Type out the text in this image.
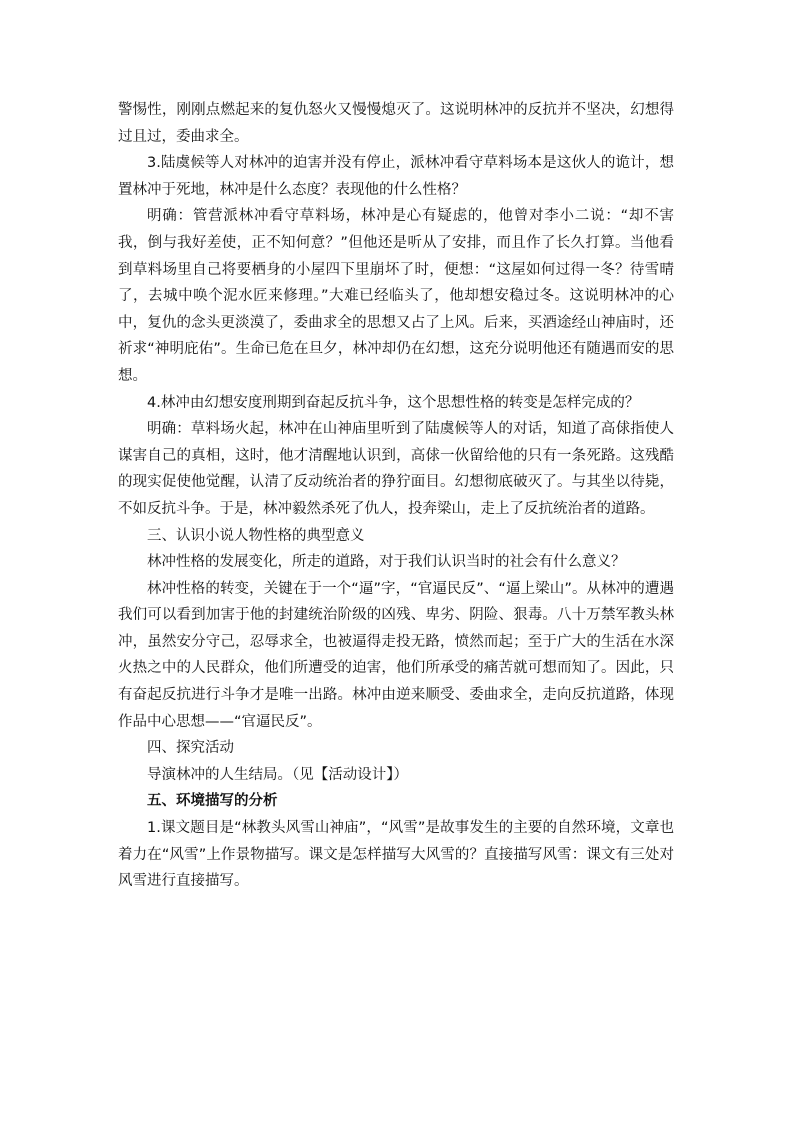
警惕性，刚刚点燃起来的复仇怒火又慢慢熄灭了。这说明林冲的反抗并不坚决，幻想得过且过，委曲求全。

3.陆虞候等人对林冲的迫害并没有停止，派林冲看守草料场本是这伙人的诡计，想置林冲于死地，林冲是什么态度？表现他的什么性格？

明确：管营派林冲看守草料场，林冲是心有疑虑的，他曾对李小二说：“却不害我，倒与我好差使，正不知何意？”但他还是听从了安排，而且作了长久打算。当他看到草料场里自己将要栖身的小屋四下里崩坏了时，便想：“这屋如何过得一冬？待雪晴了，去城中唤个泥水匠来修理。”大难已经临头了，他却想安稳过冬。这说明林冲的心中，复仇的念头更淡漠了，委曲求全的思想又占了上风。后来，买酒途经山神庙时，还祈求“神明庇佑”。生命已危在旦夕，林冲却仍在幻想，这充分说明他还有随遇而安的思想。

4.林冲由幻想安度刑期到奋起反抗斗争，这个思想性格的转变是怎样完成的？

明确：草料场火起，林冲在山神庙里听到了陆虞候等人的对话，知道了高俅指使人谋害自己的真相，这时，他才清醒地认识到，高俅一伙留给他的只有一条死路。这残酷的现实促使他觉醒，认清了反动统治者的狰狞面目。幻想彻底破灭了。与其坐以待毙，不如反抗斗争。于是，林冲毅然杀死了仇人，投奔梁山，走上了反抗统治者的道路。

三、认识小说人物性格的典型意义

林冲性格的发展变化，所走的道路，对于我们认识当时的社会有什么意义？

林冲性格的转变，关键在于一个“逼”字，“官逼民反”、“逼上梁山”。从林冲的遭遇我们可以看到加害于他的封建统治阶级的凶残、卑劣、阴险、狠毒。八十万禁军教头林冲，虽然安分守己，忍辱求全，也被逼得走投无路，愤然而起；至于广大的生活在水深火热之中的人民群众，他们所遭受的迫害，他们所承受的痛苦就可想而知了。因此，只有奋起反抗进行斗争才是唯一出路。林冲由逆来顺受、委曲求全，走向反抗道路，体现作品中心思想——“官逼民反”。

四、探究活动

导演林冲的人生结局。（见【活动设计】）

五、环境描写的分析

1.课文题目是“林教头风雪山神庙”，“风雪”是故事发生的主要的自然环境，文章也着力在“风雪”上作景物描写。课文是怎样描写大风雪的？直接描写风雪：课文有三处对风雪进行直接描写。
